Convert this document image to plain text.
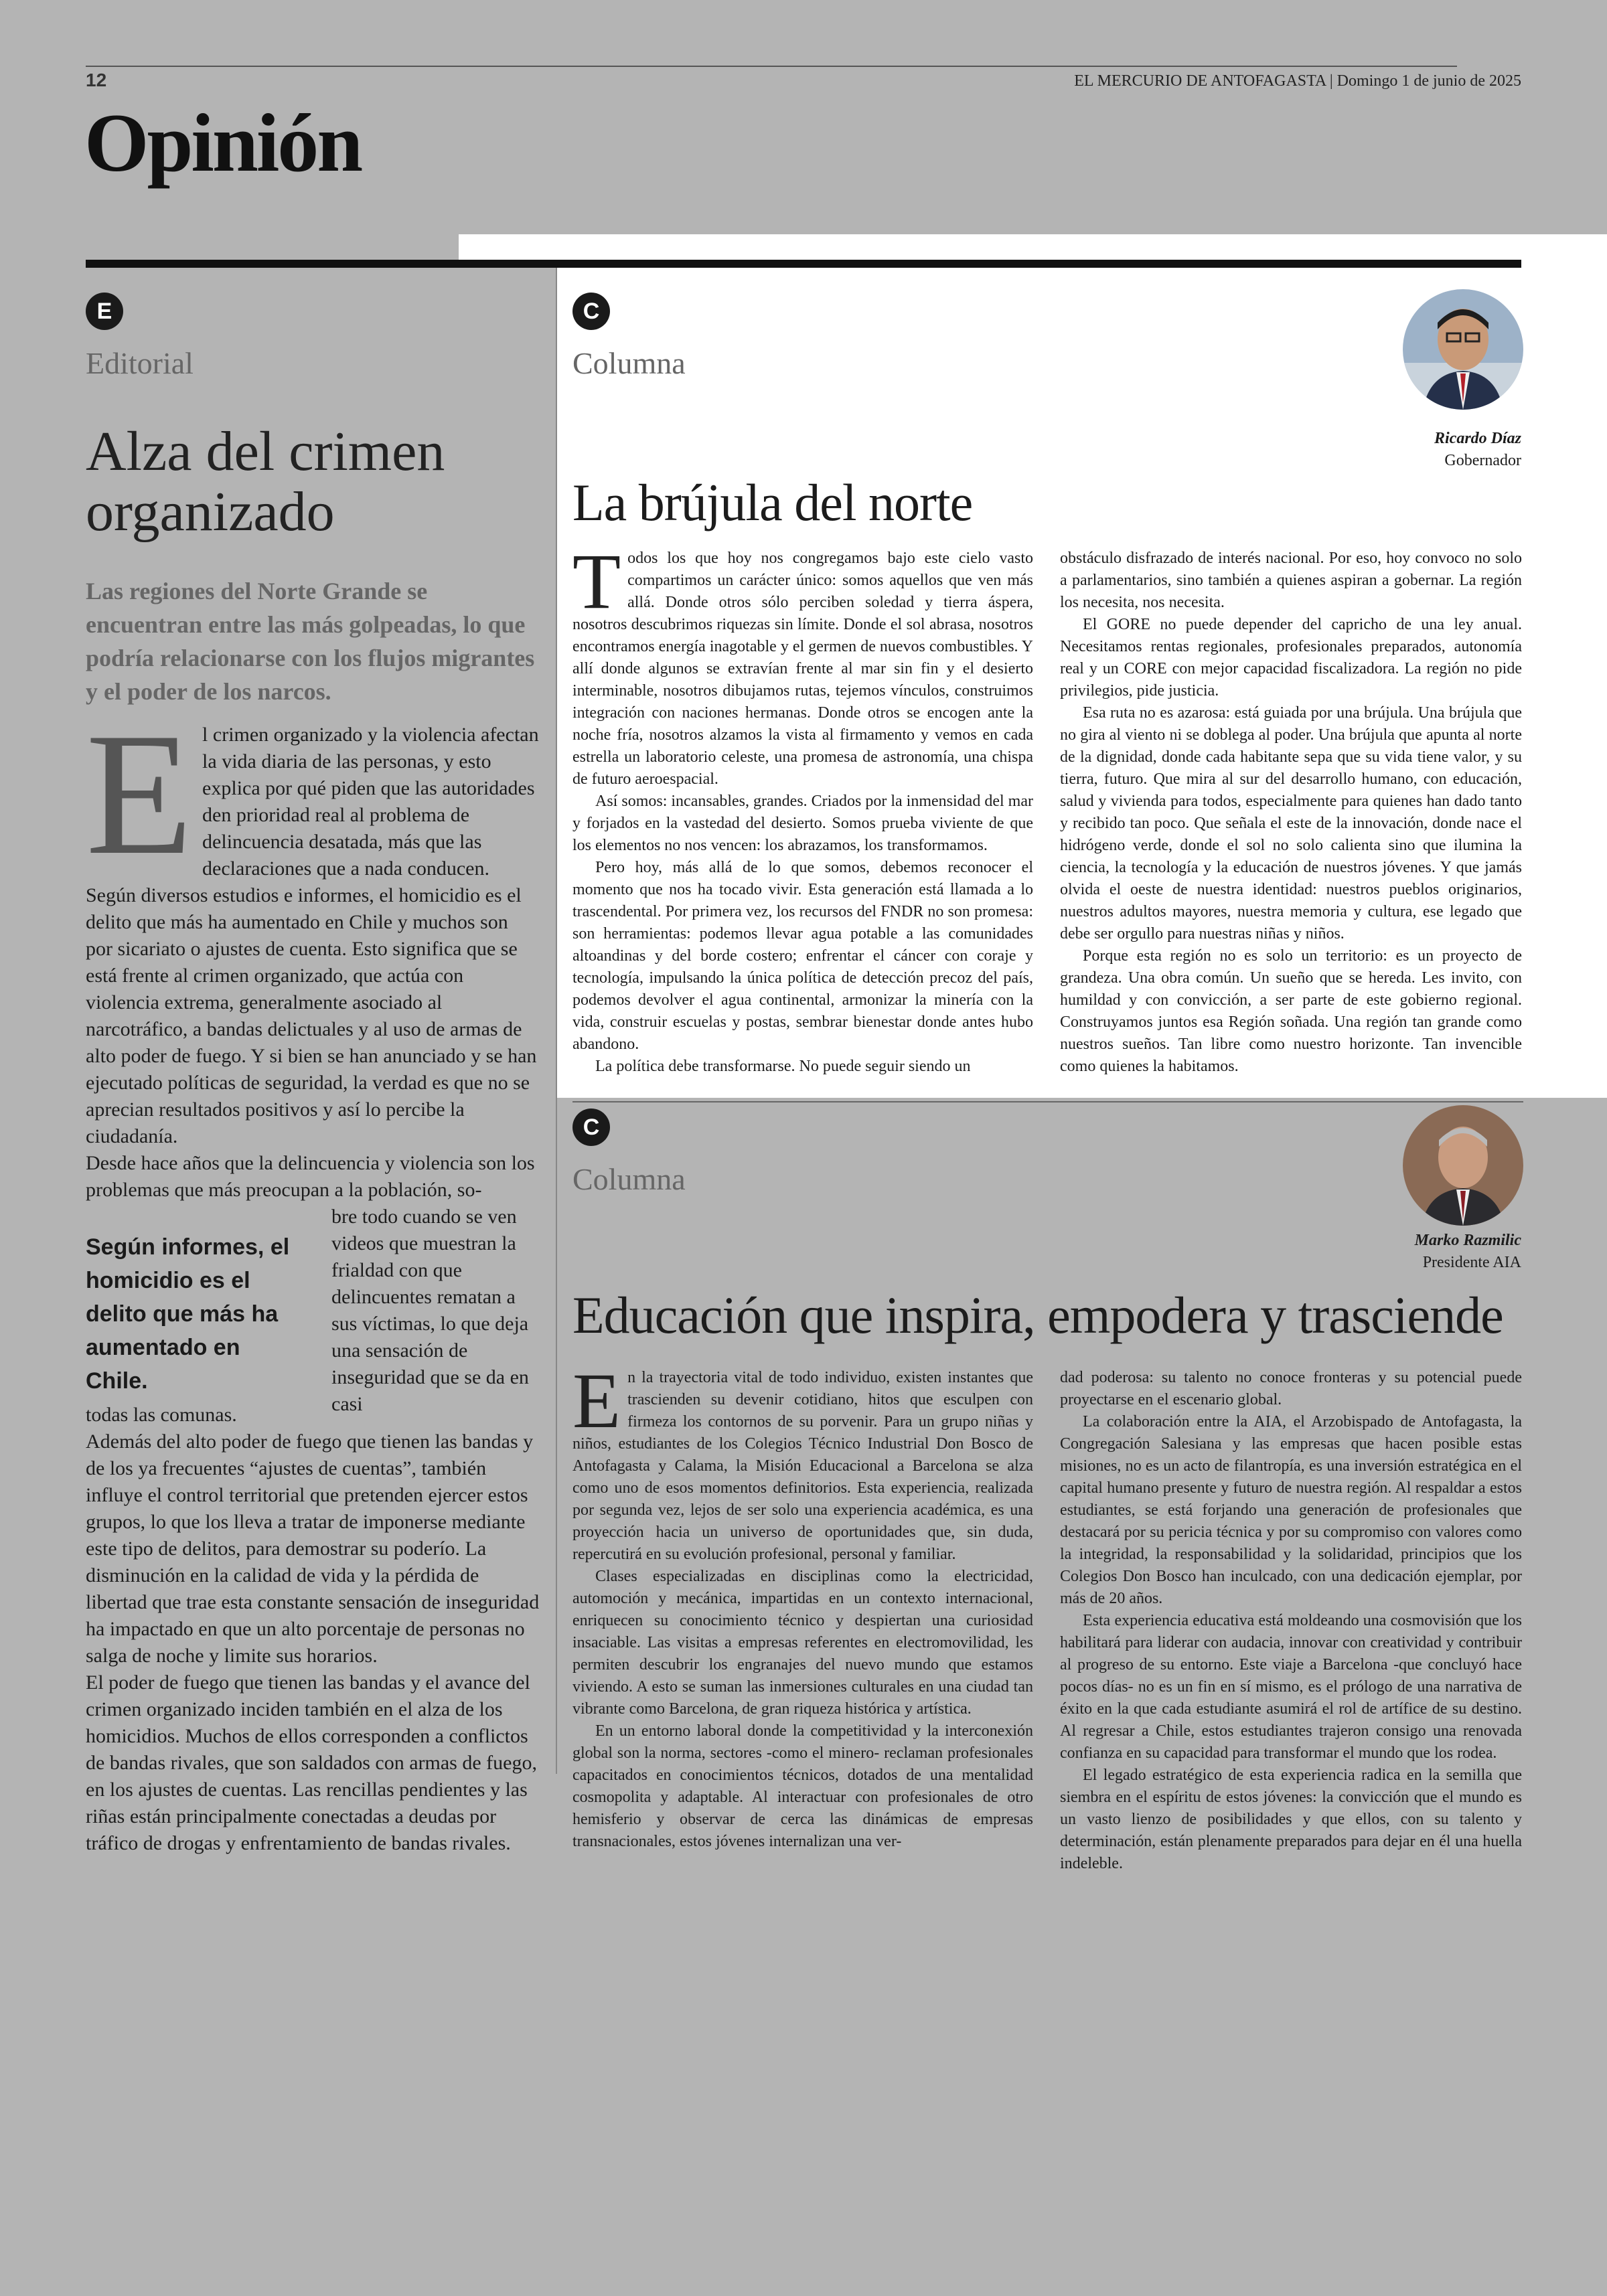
12	EL MERCURIO DE ANTOFAGASTA | Domingo 1 de junio de 2025
Opinión
E
Editorial
Alza del crimen organizado
Las regiones del Norte Grande se encuentran entre las más golpeadas, lo que podría relacionarse con los flujos migrantes y el poder de los narcos.
E l crimen organizado y la violencia afectan la vida diaria de las personas, y esto explica por qué piden que las autoridades den prioridad real al problema de delincuencia desatada, más que las declaraciones que a nada conducen.

Según diversos estudios e informes, el homicidio es el delito que más ha aumentado en Chile y muchos son por sicariato o ajustes de cuenta. Esto significa que se está frente al crimen organizado, que actúa con violencia extrema, generalmente asociado al narcotráfico, a bandas delictuales y al uso de armas de alto poder de fuego. Y si bien se han anunciado y se han ejecutado políticas de seguridad, la verdad es que no se aprecian resultados positivos y así lo percibe la ciudadanía.

Desde hace años que la delincuencia y violencia son los problemas que más preocupan a la población, so-

Según informes, el homicidio es el delito que más ha aumentado en Chile.

bre todo cuando se ven videos que muestran la frialdad con que delincuentes rematan a sus víctimas, lo que deja una sensación de inseguridad que se da en casi

todas las comunas.

Además del alto poder de fuego que tienen las bandas y de los ya frecuentes “ajustes de cuentas”, también influye el control territorial que pretenden ejercer estos grupos, lo que los lleva a tratar de imponerse mediante este tipo de delitos, para demostrar su poderío. La disminución en la calidad de vida y la pérdida de libertad que trae esta constante sensación de inseguridad ha impactado en que un alto porcentaje de personas no salga de noche y limite sus horarios.

El poder de fuego que tienen las bandas y el avance del crimen organizado inciden también en el alza de los homicidios. Muchos de ellos corresponden a conflictos de bandas rivales, que son saldados con armas de fuego, en los ajustes de cuentas. Las rencillas pendientes y las riñas están principalmente conectadas a deudas por tráfico de drogas y enfrentamiento de bandas rivales.

C
Columna
Ricardo Díaz
Gobernador
La brújula del norte
T odos los que hoy nos congregamos bajo este cielo vasto compartimos un carácter único: somos aquellos que ven más allá. Donde otros sólo perciben soledad y tierra áspera, nosotros descubrimos riquezas sin límite. Donde el sol abrasa, nosotros encontramos energía inagotable y el germen de nuevos combustibles. Y allí donde algunos se extravían frente al mar sin fin y el desierto interminable, nosotros dibujamos rutas, tejemos vínculos, construimos integración con naciones hermanas. Donde otros se encogen ante la noche fría, nosotros alzamos la vista al firmamento y vemos en cada estrella un laboratorio celeste, una promesa de astronomía, una chispa de futuro aeroespacial.

Así somos: incansables, grandes. Criados por la inmensidad del mar y forjados en la vastedad del desierto. Somos prueba viviente de que los elementos no nos vencen: los abrazamos, los transformamos.

Pero hoy, más allá de lo que somos, debemos reconocer el momento que nos ha tocado vivir. Esta generación está llamada a lo trascendental. Por primera vez, los recursos del FNDR no son promesa: son herramientas: podemos llevar agua potable a las comunidades altoandinas y del borde costero; enfrentar el cáncer con coraje y tecnología, impulsando la única política de detección precoz del país, podemos devolver el agua continental, armonizar la minería con la vida, construir escuelas y postas, sembrar bienestar donde antes hubo abandono.

La política debe transformarse. No puede seguir siendo un

obstáculo disfrazado de interés nacional. Por eso, hoy convoco no solo a parlamentarios, sino también a quienes aspiran a gobernar. La región los necesita, nos necesita.

El GORE no puede depender del capricho de una ley anual. Necesitamos rentas regionales, profesionales preparados, autonomía real y un CORE con mejor capacidad fiscalizadora. La región no pide privilegios, pide justicia.

Esa ruta no es azarosa: está guiada por una brújula. Una brújula que no gira al viento ni se doblega al poder. Una brújula que apunta al norte de la dignidad, donde cada habitante sepa que su vida tiene valor, y su tierra, futuro. Que mira al sur del desarrollo humano, con educación, salud y vivienda para todos, especialmente para quienes han dado tanto y recibido tan poco. Que señala el este de la innovación, donde nace el hidrógeno verde, donde el sol no solo calienta sino que ilumina la ciencia, la tecnología y la educación de nuestros jóvenes. Y que jamás olvida el oeste de nuestra identidad: nuestros pueblos originarios, nuestros adultos mayores, nuestra memoria y cultura, ese legado que debe ser orgullo para nuestras niñas y niños.

Porque esta región no es solo un territorio: es un proyecto de grandeza. Una obra común. Un sueño que se hereda. Les invito, con humildad y con convicción, a ser parte de este gobierno regional. Construyamos juntos esa Región soñada. Una región tan grande como nuestros sueños. Tan libre como nuestro horizonte. Tan invencible como quienes la habitamos.

C
Columna
Marko Razmilic
Presidente AIA
Educación que inspira, empodera y trasciende
E n la trayectoria vital de todo individuo, existen instantes que trascienden su devenir cotidiano, hitos que esculpen con firmeza los contornos de su porvenir. Para un grupo niñas y niños, estudiantes de los Colegios Técnico Industrial Don Bosco de Antofagasta y Calama, la Misión Educacional a Barcelona se alza como uno de esos momentos definitorios. Esta experiencia, realizada por segunda vez, lejos de ser solo una experiencia académica, es una proyección hacia un universo de oportunidades que, sin duda, repercutirá en su evolución profesional, personal y familiar.

Clases especializadas en disciplinas como la electricidad, automoción y mecánica, impartidas en un contexto internacional, enriquecen su conocimiento técnico y despiertan una curiosidad insaciable. Las visitas a empresas referentes en electromovilidad, les permiten descubrir los engranajes del nuevo mundo que estamos viviendo. A esto se suman las inmersiones culturales en una ciudad tan vibrante como Barcelona, de gran riqueza histórica y artística.

En un entorno laboral donde la competitividad y la interconexión global son la norma, sectores -como el minero- reclaman profesionales capacitados en conocimientos técnicos, dotados de una mentalidad cosmopolita y adaptable. Al interactuar con profesionales de otro hemisferio y observar de cerca las dinámicas de empresas transnacionales, estos jóvenes internalizan una ver-

dad poderosa: su talento no conoce fronteras y su potencial puede proyectarse en el escenario global.

La colaboración entre la AIA, el Arzobispado de Antofagasta, la Congregación Salesiana y las empresas que hacen posible estas misiones, no es un acto de filantropía, es una inversión estratégica en el capital humano presente y futuro de nuestra región. Al respaldar a estos estudiantes, se está forjando una generación de profesionales que destacará por su pericia técnica y por su compromiso con valores como la integridad, la responsabilidad y la solidaridad, principios que los Colegios Don Bosco han inculcado, con una dedicación ejemplar, por más de 20 años.

Esta experiencia educativa está moldeando una cosmovisión que los habilitará para liderar con audacia, innovar con creatividad y contribuir al progreso de su entorno. Este viaje a Barcelona -que concluyó hace pocos días- no es un fin en sí mismo, es el prólogo de una narrativa de éxito en la que cada estudiante asumirá el rol de artífice de su destino. Al regresar a Chile, estos estudiantes trajeron consigo una renovada confianza en su capacidad para transformar el mundo que los rodea.

El legado estratégico de esta experiencia radica en la semilla que siembra en el espíritu de estos jóvenes: la convicción que el mundo es un vasto lienzo de posibilidades y que ellos, con su talento y determinación, están plenamente preparados para dejar en él una huella indeleble.
